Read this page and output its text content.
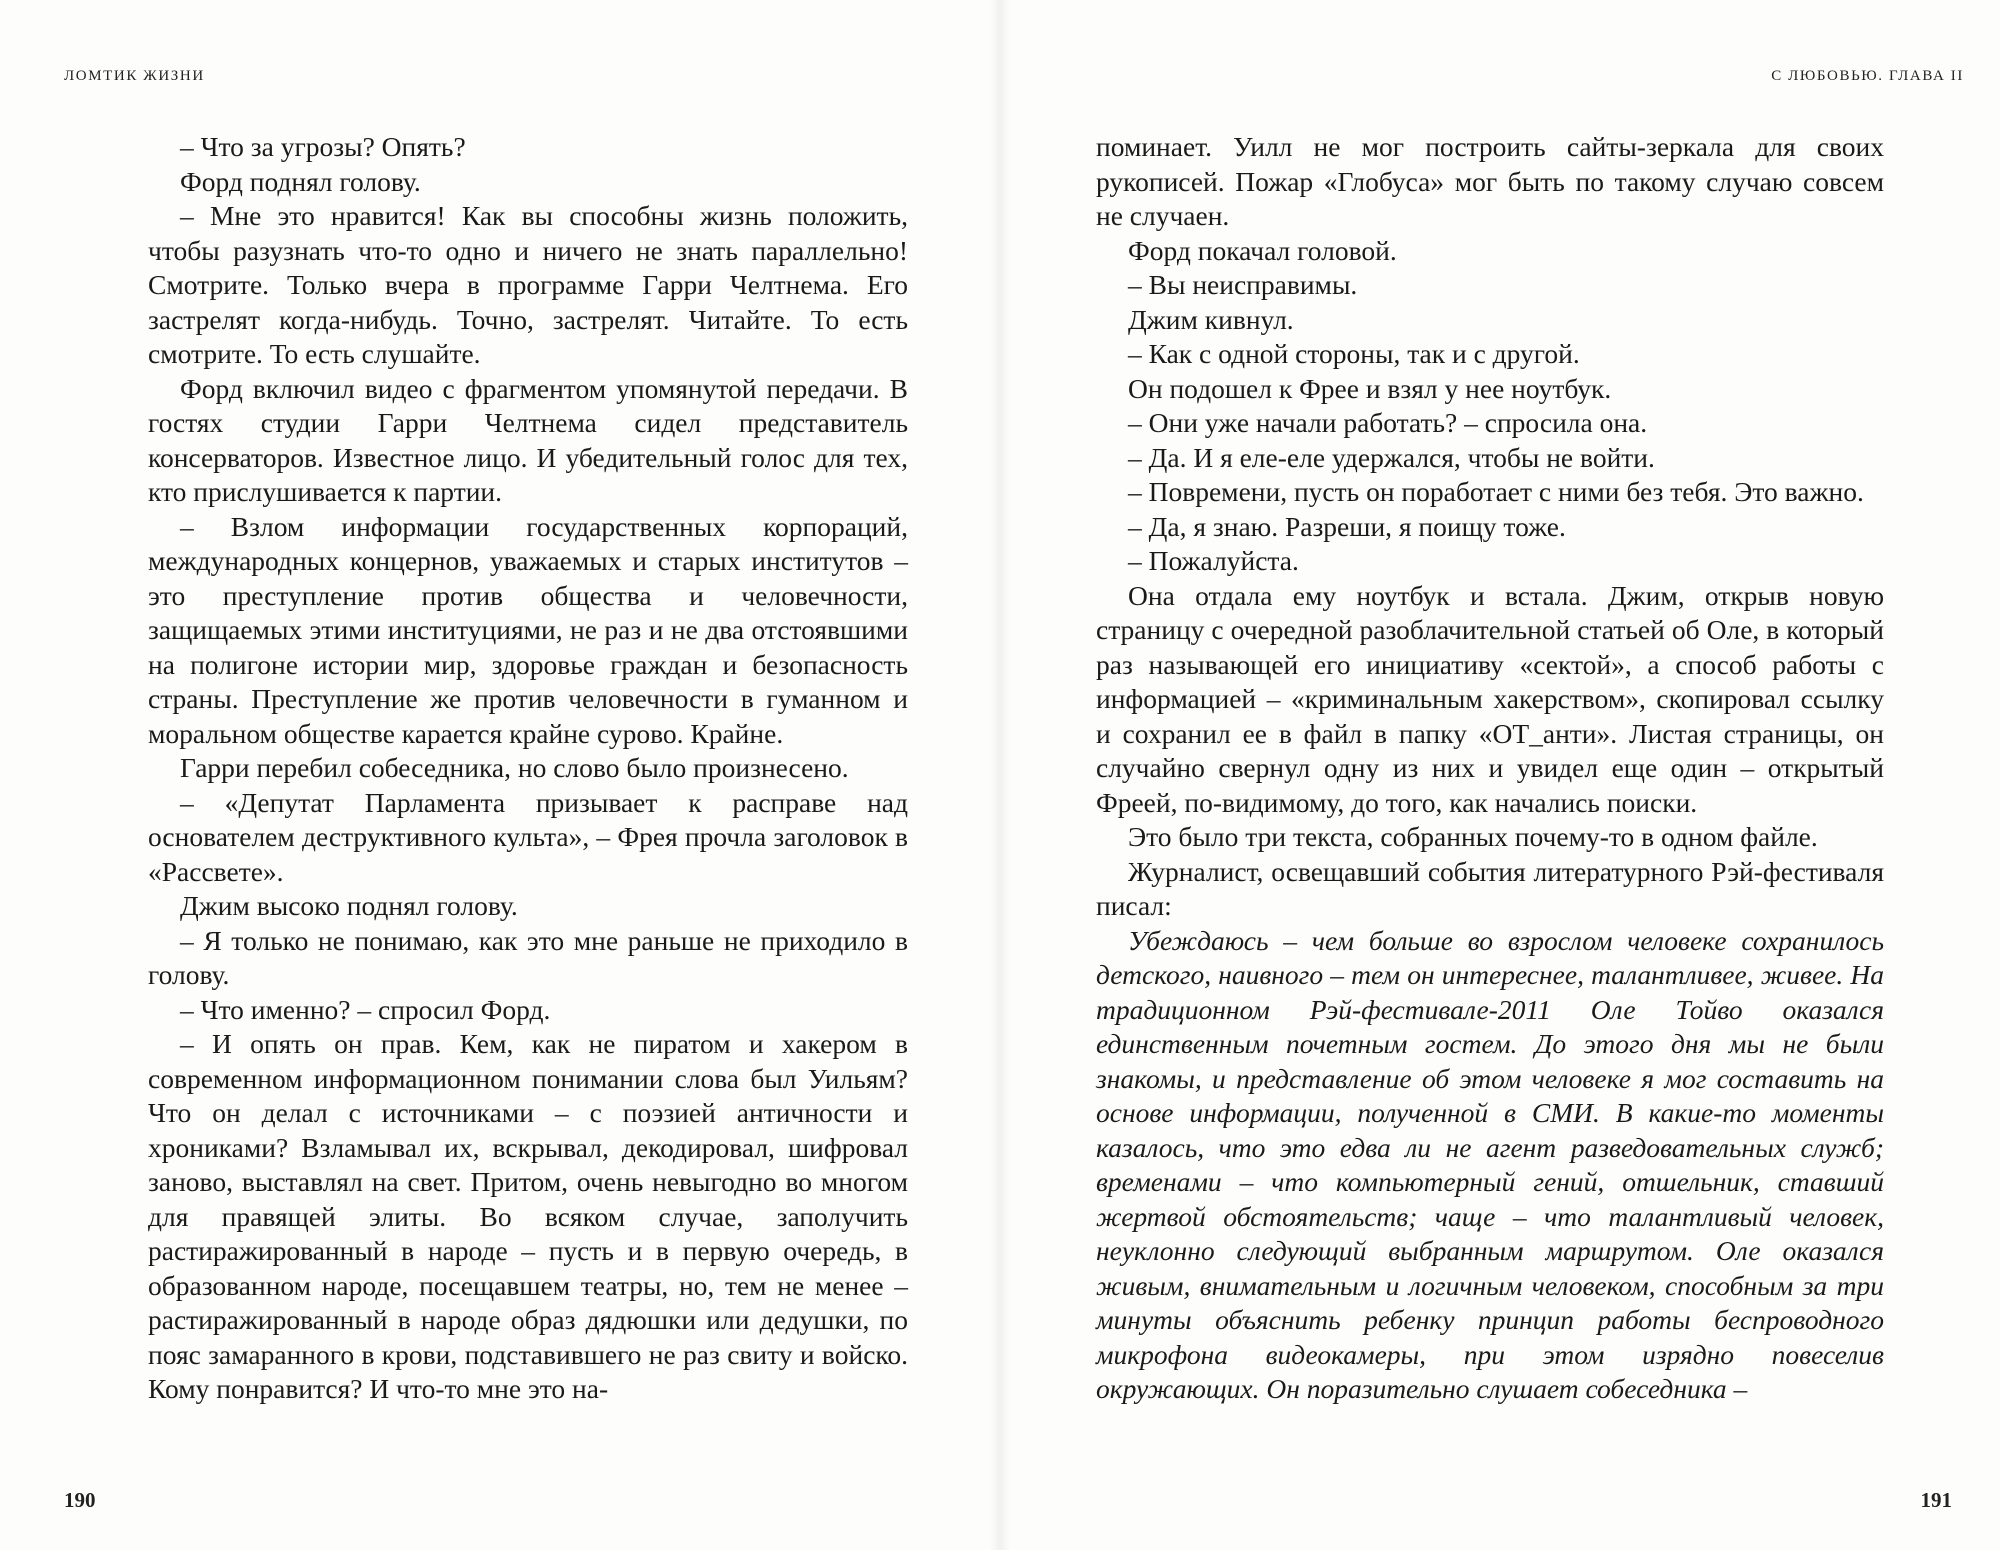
ЛОМТИК ЖИЗНИ

– Что за угрозы? Опять?

Форд поднял голову.

– Мне это нравится! Как вы способны жизнь положить, чтобы разузнать что-то одно и ничего не знать параллельно! Смотрите. Только вчера в программе Гарри Челтнема. Его застрелят когда-нибудь. Точно, застрелят. Читайте. То есть смотрите. То есть слушайте.

Форд включил видео с фрагментом упомянутой передачи. В гостях студии Гарри Челтнема сидел представитель консерваторов. Известное лицо. И убедительный голос для тех, кто прислушивается к партии.

– Взлом информации государственных корпораций, международных концернов, уважаемых и старых институтов – это преступление против общества и человечности, защищаемых этими институциями, не раз и не два отстоявшими на полигоне истории мир, здоровье граждан и безопасность страны. Преступление же против человечности в гуманном и моральном обществе карается крайне сурово. Крайне.

Гарри перебил собеседника, но слово было произнесено.

– «Депутат Парламента призывает к расправе над основателем деструктивного культа», – Фрея прочла заголовок в «Рассвете».

Джим высоко поднял голову.

– Я только не понимаю, как это мне раньше не приходило в голову.

– Что именно? – спросил Форд.

– И опять он прав. Кем, как не пиратом и хакером в современном информационном понимании слова был Уильям? Что он делал с источниками – с поэзией античности и хрониками? Взламывал их, вскрывал, декодировал, шифровал заново, выставлял на свет. Притом, очень невыгодно во многом для правящей элиты. Во всяком случае, заполучить растиражированный в народе – пусть и в первую очередь, в образованном народе, посещавшем театры, но, тем не менее – растиражированный в народе образ дядюшки или дедушки, по пояс замаранного в крови, подставившего не раз свиту и войско. Кому понравится? И что-то мне это на-

190
С ЛЮБОВЬЮ. ГЛАВА II

поминает. Уилл не мог построить сайты-зеркала для своих рукописей. Пожар «Глобуса» мог быть по такому случаю совсем не случаен.

Форд покачал головой.

– Вы неисправимы.

Джим кивнул.

– Как с одной стороны, так и с другой.

Он подошел к Фрее и взял у нее ноутбук.

– Они уже начали работать? – спросила она.

– Да. И я еле-еле удержался, чтобы не войти.

– Повремени, пусть он поработает с ними без тебя. Это важно.

– Да, я знаю. Разреши, я поищу тоже.

– Пожалуйста.

Она отдала ему ноутбук и встала. Джим, открыв новую страницу с очередной разоблачительной статьей об Оле, в который раз называющей его инициативу «сектой», а способ работы с информацией – «криминальным хакерством», скопировал ссылку и сохранил ее в файл в папку «ОТ_анти». Листая страницы, он случайно свернул одну из них и увидел еще один – открытый Фреей, по-видимому, до того, как начались поиски.

Это было три текста, собранных почему-то в одном файле.

Журналист, освещавший события литературного Рэй-фестиваля писал:

Убеждаюсь – чем больше во взрослом человеке сохранилось детского, наивного – тем он интереснее, талантливее, живее. На традиционном Рэй-фестивале-2011 Оле Тойво оказался единственным почетным гостем. До этого дня мы не были знакомы, и представление об этом человеке я мог составить на основе информации, полученной в СМИ. В какие-то моменты казалось, что это едва ли не агент разведовательных служб; временами – что компьютерный гений, отшельник, ставший жертвой обстоятельств; чаще – что талантливый человек, неуклонно следующий выбранным маршрутом. Оле оказался живым, внимательным и логичным человеком, способным за три минуты объяснить ребенку принцип работы беспроводного микрофона видеокамеры, при этом изрядно повеселив окружающих. Он поразительно слушает собеседника –

191
